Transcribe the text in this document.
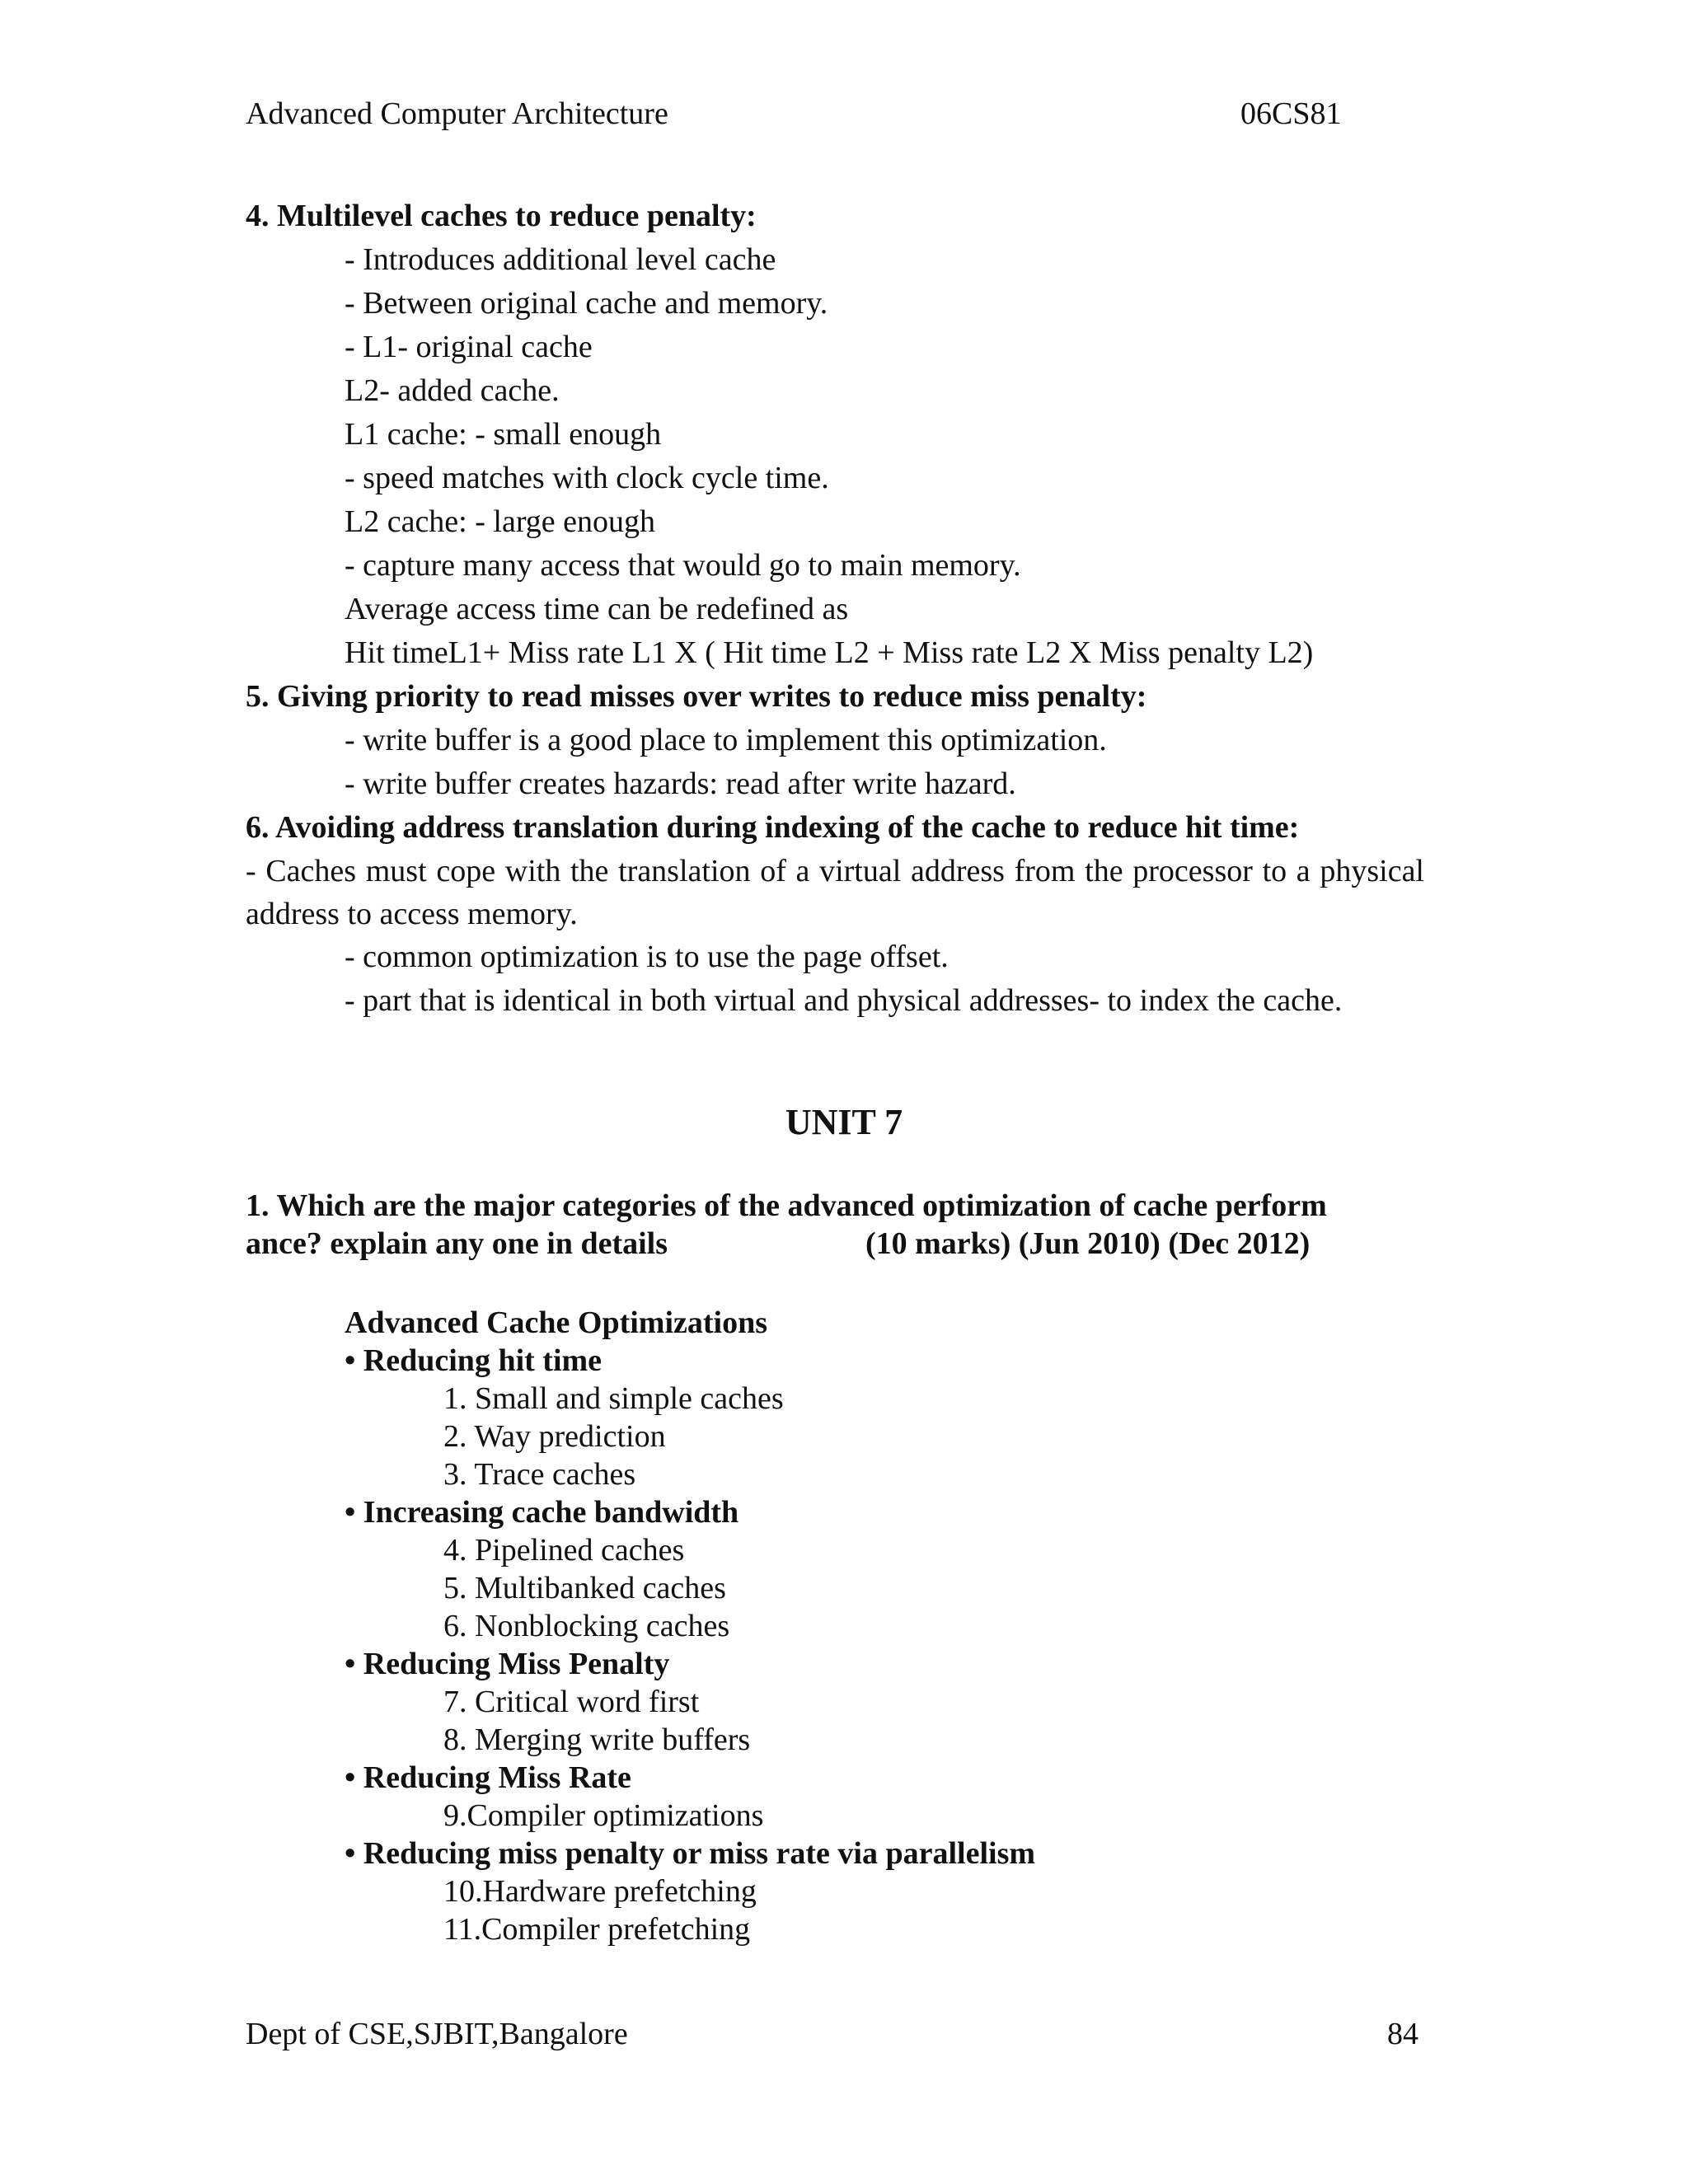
Advanced Computer Architecture	06CS81
4. Multilevel caches to reduce penalty:
- Introduces additional level cache
- Between original cache and memory.
- L1- original cache
L2- added cache.
L1 cache: - small enough
- speed matches with clock cycle time.
L2 cache: - large enough
- capture many access that would go to main memory.
Average access time can be redefined as
Hit timeL1+ Miss rate L1 X ( Hit time L2 + Miss rate L2 X Miss penalty L2)
5. Giving priority to read misses over writes to reduce miss penalty:
- write buffer is a good place to implement this optimization.
- write buffer creates hazards: read after write hazard.
6. Avoiding address translation during indexing of the cache to reduce hit time:
- Caches must cope with the translation of a virtual address from the processor to a physical address to access memory.
- common optimization is to use the page offset.
- part that is identical in both virtual and physical addresses- to index the cache.
UNIT 7
1. Which are the major categories of the advanced optimization of cache perform
ance? explain any one in details	(10 marks) (Jun 2010) (Dec 2012)
Advanced Cache Optimizations
• Reducing hit time
1. Small and simple caches
2. Way prediction
3. Trace caches
• Increasing cache bandwidth
4. Pipelined caches
5. Multibanked caches
6. Nonblocking caches
• Reducing Miss Penalty
7. Critical word first
8. Merging write buffers
• Reducing Miss Rate
9.Compiler optimizations
• Reducing miss penalty or miss rate via parallelism
10.Hardware prefetching
11.Compiler prefetching
Dept of CSE,SJBIT,Bangalore	84
